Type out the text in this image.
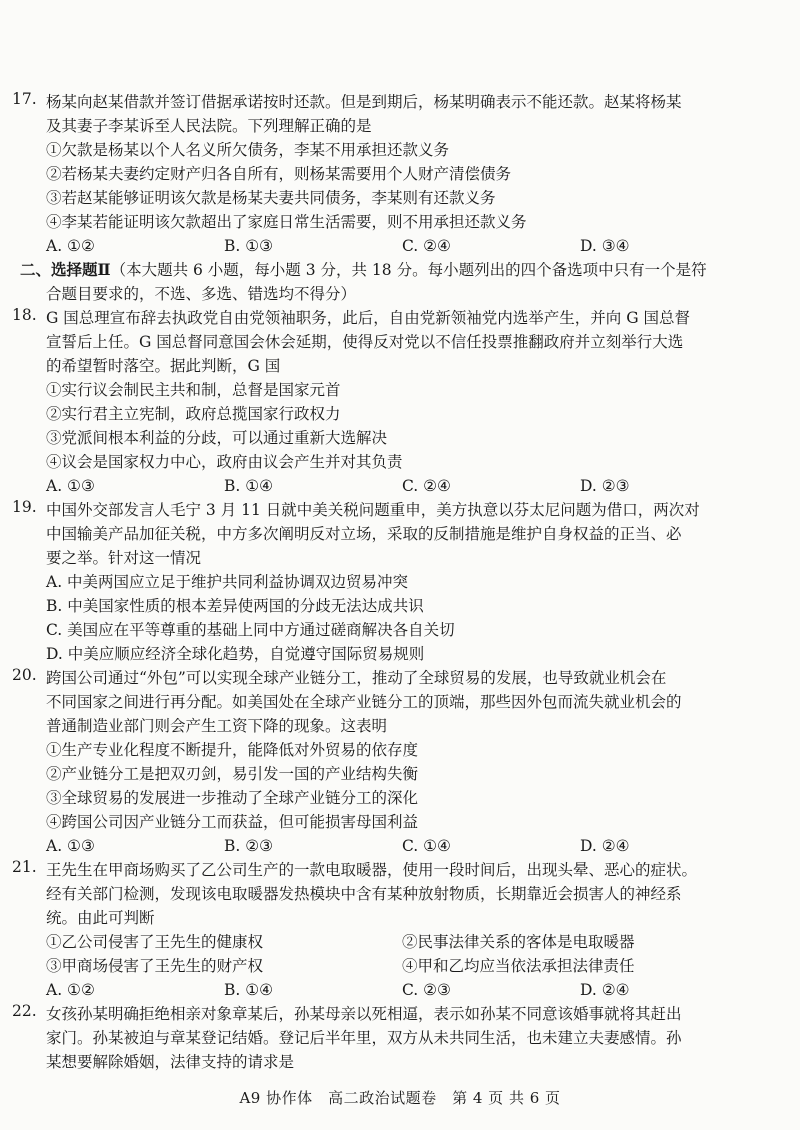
17. 杨某向赵某借款并签订借据承诺按时还款。但是到期后，杨某明确表示不能还款。赵某将杨某
及其妻子李某诉至人民法院。下列理解正确的是
①欠款是杨某以个人名义所欠债务，李某不用承担还款义务
②若杨某夫妻约定财产归各自所有，则杨某需要用个人财产清偿债务
③若赵某能够证明该欠款是杨某夫妻共同债务，李某则有还款义务
④李某若能证明该欠款超出了家庭日常生活需要，则不用承担还款义务
A. ①②	B. ①③	C. ②④	D. ③④
二、选择题Ⅱ（本大题共 6 小题，每小题 3 分，共 18 分。每小题列出的四个备选项中只有一个是符
合题目要求的，不选、多选、错选均不得分）
18. G 国总理宣布辞去执政党自由党领袖职务，此后，自由党新领袖党内选举产生，并向 G 国总督
宣誓后上任。G 国总督同意国会休会延期，使得反对党以不信任投票推翻政府并立刻举行大选
的希望暂时落空。据此判断，G 国
①实行议会制民主共和制，总督是国家元首
②实行君主立宪制，政府总揽国家行政权力
③党派间根本利益的分歧，可以通过重新大选解决
④议会是国家权力中心，政府由议会产生并对其负责
A. ①③	B. ①④	C. ②④	D. ②③
19. 中国外交部发言人毛宁 3 月 11 日就中美关税问题重申，美方执意以芬太尼问题为借口，两次对
中国输美产品加征关税，中方多次阐明反对立场，采取的反制措施是维护自身权益的正当、必
要之举。针对这一情况
A. 中美两国应立足于维护共同利益协调双边贸易冲突
B. 中美国家性质的根本差异使两国的分歧无法达成共识
C. 美国应在平等尊重的基础上同中方通过磋商解决各自关切
D. 中美应顺应经济全球化趋势，自觉遵守国际贸易规则
20. 跨国公司通过“外包”可以实现全球产业链分工，推动了全球贸易的发展，也导致就业机会在
不同国家之间进行再分配。如美国处在全球产业链分工的顶端，那些因外包而流失就业机会的
普通制造业部门则会产生工资下降的现象。这表明
①生产专业化程度不断提升，能降低对外贸易的依存度
②产业链分工是把双刃剑，易引发一国的产业结构失衡
③全球贸易的发展进一步推动了全球产业链分工的深化
④跨国公司因产业链分工而获益，但可能损害母国利益
A. ①③	B. ②③	C. ①④	D. ②④
21. 王先生在甲商场购买了乙公司生产的一款电取暖器，使用一段时间后，出现头晕、恶心的症状。
经有关部门检测，发现该电取暖器发热模块中含有某种放射物质，长期靠近会损害人的神经系
统。由此可判断
①乙公司侵害了王先生的健康权	②民事法律关系的客体是电取暖器
③甲商场侵害了王先生的财产权	④甲和乙均应当依法承担法律责任
A. ①②	B. ①④	C. ②③	D. ②④
22. 女孩孙某明确拒绝相亲对象章某后，孙某母亲以死相逼，表示如孙某不同意该婚事就将其赶出
家门。孙某被迫与章某登记结婚。登记后半年里，双方从未共同生活，也未建立夫妻感情。孙
某想要解除婚姻，法律支持的请求是
A9 协作体　高二政治试题卷　第 4 页 共 6 页
